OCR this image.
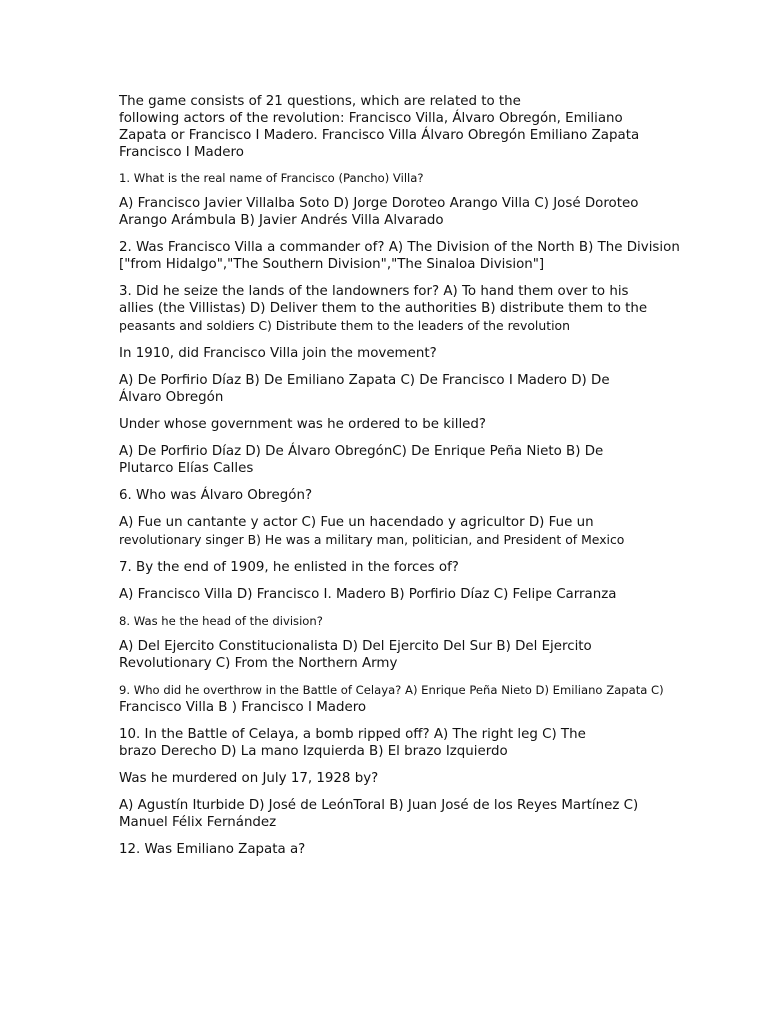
The game consists of 21 questions, which are related to the
following actors of the revolution: Francisco Villa, Álvaro Obregón, Emiliano
Zapata or Francisco I Madero. Francisco Villa Álvaro Obregón Emiliano Zapata
Francisco I Madero

1. What is the real name of Francisco (Pancho) Villa?

A) Francisco Javier Villalba Soto D) Jorge Doroteo Arango Villa C) José Doroteo
Arango Arámbula B) Javier Andrés Villa Alvarado

2. Was Francisco Villa a commander of? A) The Division of the North B) The Division
["from Hidalgo","The Southern Division","The Sinaloa Division"]

3. Did he seize the lands of the landowners for? A) To hand them over to his
allies (the Villistas) D) Deliver them to the authorities B) distribute them to the
peasants and soldiers C) Distribute them to the leaders of the revolution

In 1910, did Francisco Villa join the movement?

A) De Porfirio Díaz B) De Emiliano Zapata C) De Francisco I Madero D) De
Álvaro Obregón

Under whose government was he ordered to be killed?

A) De Porfirio Díaz D) De Álvaro ObregónC) De Enrique Peña Nieto B) De
Plutarco Elías Calles

6. Who was Álvaro Obregón?

A) Fue un cantante y actor C) Fue un hacendado y agricultor D) Fue un
revolutionary singer B) He was a military man, politician, and President of Mexico

7. By the end of 1909, he enlisted in the forces of?

A) Francisco Villa D) Francisco I. Madero B) Porfirio Díaz C) Felipe Carranza

8. Was he the head of the division?

A) Del Ejercito Constitucionalista D) Del Ejercito Del Sur B) Del Ejercito
Revolutionary C) From the Northern Army

9. Who did he overthrow in the Battle of Celaya? A) Enrique Peña Nieto D) Emiliano Zapata C)
Francisco Villa B ) Francisco I Madero

10. In the Battle of Celaya, a bomb ripped off? A) The right leg C) The
brazo Derecho D) La mano Izquierda B) El brazo Izquierdo

Was he murdered on July 17, 1928 by?

A) Agustín Iturbide D) José de LeónToral B) Juan José de los Reyes Martínez C)
Manuel Félix Fernández

12. Was Emiliano Zapata a?
